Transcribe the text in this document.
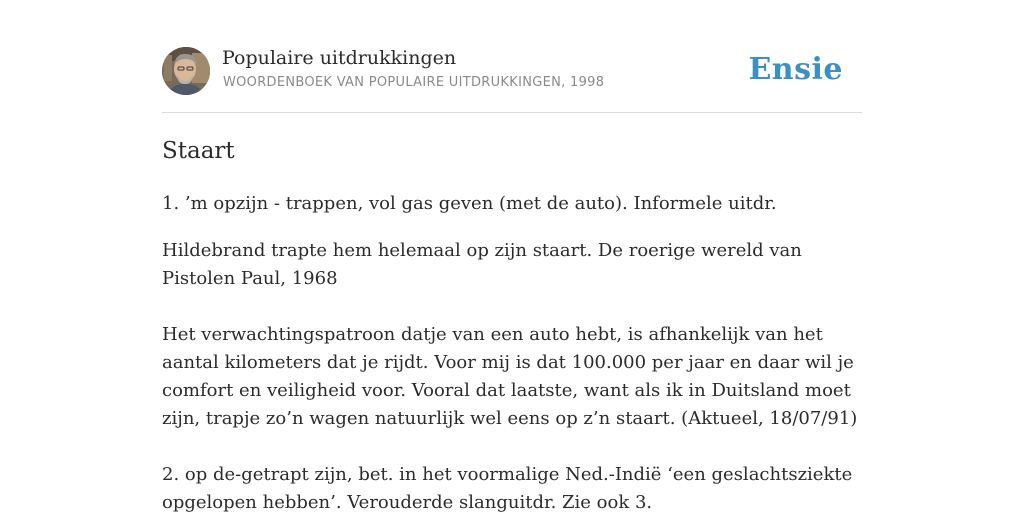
Populaire uitdrukkingen
WOORDENBOEK VAN POPULAIRE UITDRUKKINGEN, 1998	Ensie
Staart

1. ’m opzijn - trappen, vol gas geven (met de auto). Informele uitdr.

Hildebrand trapte hem helemaal op zijn staart. De roerige wereld van Pistolen Paul, 1968

Het verwachtingspatroon datje van een auto hebt, is afhankelijk van het aantal kilometers dat je rijdt. Voor mij is dat 100.000 per jaar en daar wil je comfort en veiligheid voor. Vooral dat laatste, want als ik in Duitsland moet zijn, trapje zo’n wagen natuurlijk wel eens op z’n staart. (Aktueel, 18/07/91)

2. op de-getrapt zijn, bet. in het voormalige Ned.-Indië ‘een geslachtsziekte opgelopen hebben’. Verouderde slanguitdr. Zie ook 3.
